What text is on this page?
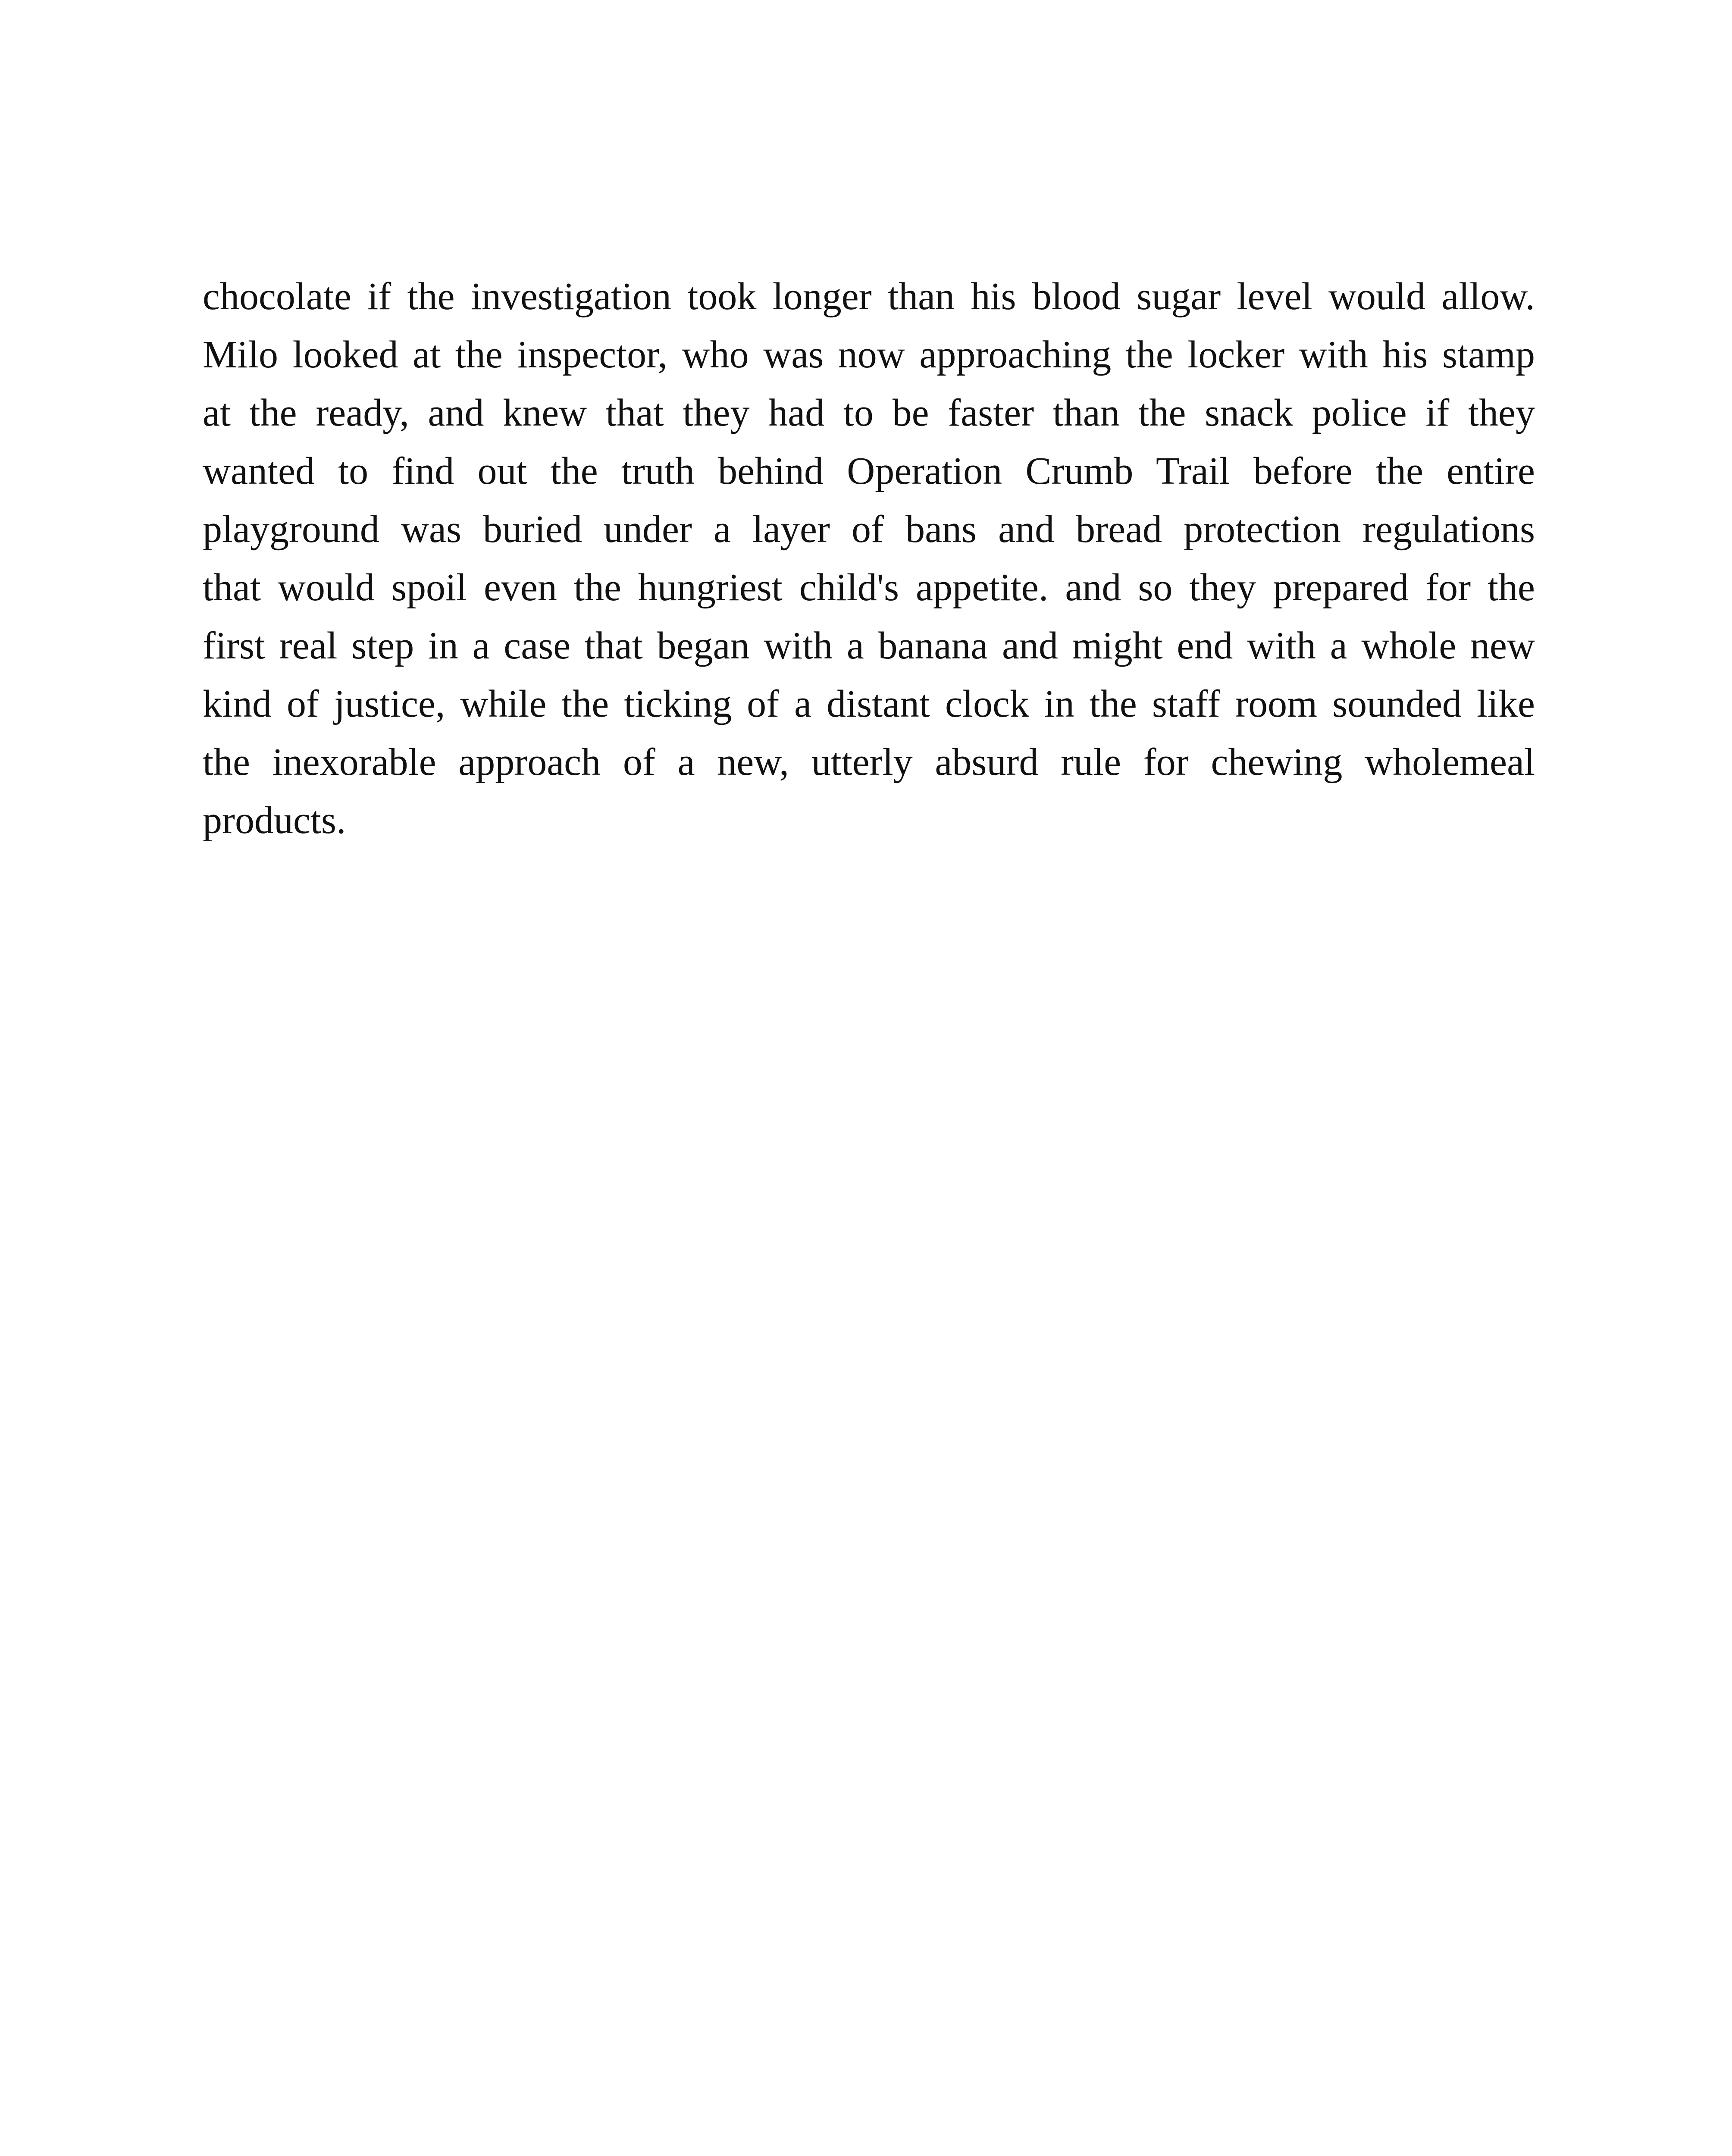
chocolate if the investigation took longer than his blood sugar level would allow.
Milo looked at the inspector, who was now approaching the locker with his stamp
at the ready, and knew that they had to be faster than the snack police if they
wanted to find out the truth behind Operation Crumb Trail before the entire
playground was buried under a layer of bans and bread protection regulations
that would spoil even the hungriest child's appetite. and so they prepared for the
first real step in a case that began with a banana and might end with a whole new
kind of justice, while the ticking of a distant clock in the staff room sounded like
the inexorable approach of a new, utterly absurd rule for chewing wholemeal
products.
